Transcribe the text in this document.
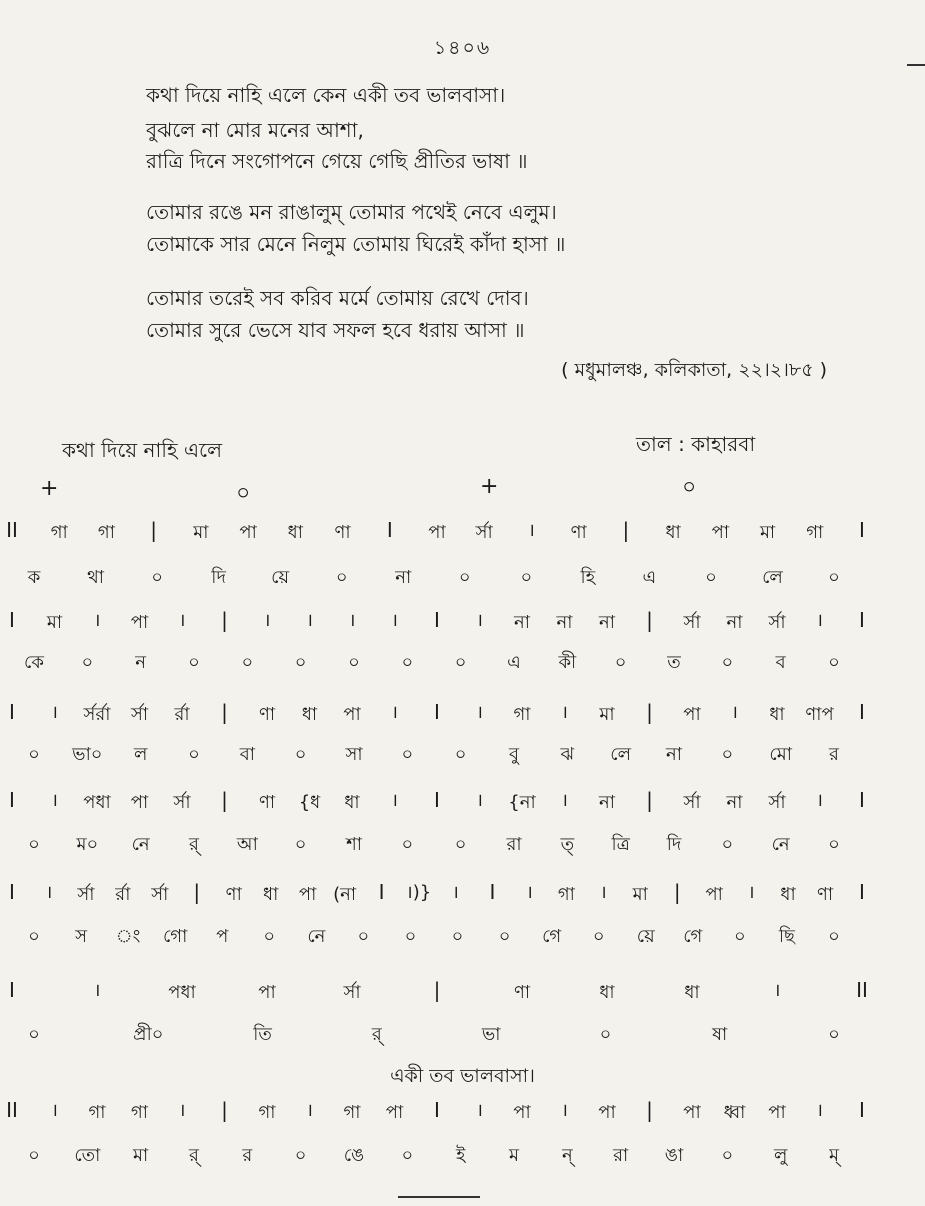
১৪০৬
কথা দিয়ে নাহি এলে কেন একী তব ভালবাসা।
বুঝলে না মোর মনের আশা,
রাত্রি দিনে সংগোপনে গেয়ে গেছি প্রীতির ভাষা ॥
তোমার রঙে মন রাঙালুম্ তোমার পথেই নেবে এলুম।
তোমাকে সার মেনে নিলুম তোমায় ঘিরেই কাঁদা হাসা ॥
তোমার তরেই সব করিব মর্মে তোমায় রেখে দোব।
তোমার সুরে ভেসে যাব সফল হবে ধরায় আসা ॥
( মধুমালঞ্চ, কলিকাতা, ২২।২।৮৫ )
কথা দিয়ে নাহি এলে	তাল : কাহারবা
+	০	+	০
II গা গা | মা পা ধা ণা I পা র্সা । ণা | ধা পা মা গা I
ক	থা	০	দি	য়ে	০	না	০	০	হি	এ	০	লে	০
I মা । পা । | । । । । I । না না না | র্সা না র্সা । I
কে ০ ন ০ ০ ০ ০ ০ ০ এ কী ০ ত ০ ব ০
I । র্সর্রা র্সা র্রা | ণা ধা পা । I । গা । মা | পা । ধা ণাপ I
০ ভা০ ল ০ বা ০ সা ০ ০ বু ঝ লে না ০ মো র
I । পধা পা র্সা | ণা {ধ ধা । I । {না । না | র্সা না র্সা । I
০ ম০ নে র্ আ ০ শা ০ ০ রা ত্ ত্রি দি ০ নে ০
I । র্সা র্রা র্সা | ণা ধা পা (না I ।)} । I । গা । মা | পা । ধা ণা I
০ স ং গো প ০ নে ০ ০ ০ ০ গে ০ য়ে গে ০ ছি ০
I	।	পধা	পা	র্সা	|	ণা	ধা	ধা	।	II
০	প্রী০	তি	র্	ভা	০	ষা	০
II । গা গা । | গা । গা পা I । পা । পা | পা ধ্বা পা । I
০ তো মা র্ র ০ ঙে ০ ই ম ন্ রা ঙা ০ লু ম্
একী তব ভালবাসা।
